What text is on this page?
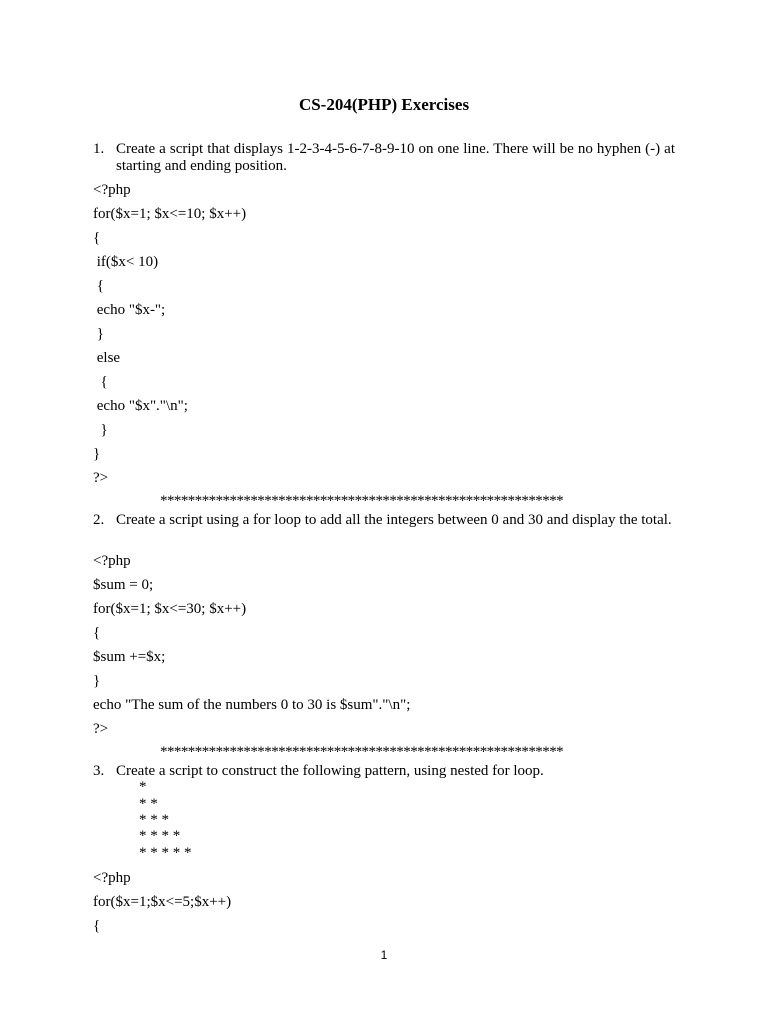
CS-204(PHP) Exercises
1. Create a script that displays 1-2-3-4-5-6-7-8-9-10 on one line. There will be no hyphen (-) at starting and ending position.
<?php
for($x=1; $x<=10; $x++)
{
if($x< 10)
{
echo "$x-";
}
else
{
echo "$x"."\n";
}
}
?>
**********************************************************
2. Create a script using a for loop to add all the integers between 0 and 30 and display the total.
<?php
$sum = 0;
for($x=1; $x<=30; $x++)
{
$sum +=$x;
}
echo "The sum of the numbers 0 to 30 is $sum"."\n";
?>
**********************************************************
3. Create a script to construct the following pattern, using nested for loop.
*
* *
* * *
* * * *
* * * * *
<?php
for($x=1;$x<=5;$x++)
{
1
